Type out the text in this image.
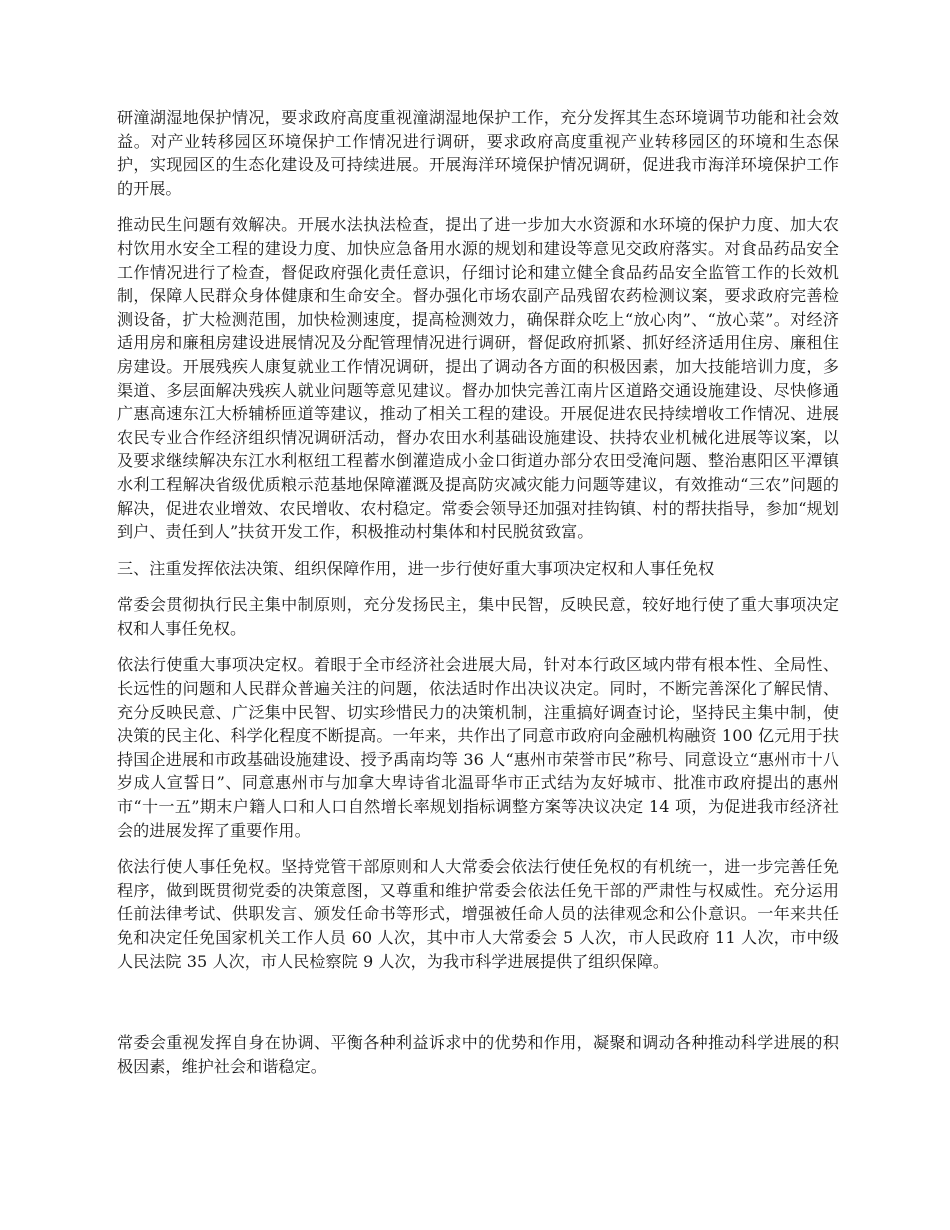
研潼湖湿地保护情况，要求政府高度重视潼湖湿地保护工作，充分发挥其生态环境调节功能和社会效益。对产业转移园区环境保护工作情况进行调研，要求政府高度重视产业转移园区的环境和生态保护，实现园区的生态化建设及可持续进展。开展海洋环境保护情况调研，促进我市海洋环境保护工作的开展。

推动民生问题有效解决。开展水法执法检查，提出了进一步加大水资源和水环境的保护力度、加大农村饮用水安全工程的建设力度、加快应急备用水源的规划和建设等意见交政府落实。对食品药品安全工作情况进行了检查，督促政府强化责任意识，仔细讨论和建立健全食品药品安全监管工作的长效机制，保障人民群众身体健康和生命安全。督办强化市场农副产品残留农药检测议案，要求政府完善检测设备，扩大检测范围，加快检测速度，提高检测效力，确保群众吃上“放心肉”、“放心菜”。对经济适用房和廉租房建设进展情况及分配管理情况进行调研，督促政府抓紧、抓好经济适用住房、廉租住房建设。开展残疾人康复就业工作情况调研，提出了调动各方面的积极因素，加大技能培训力度，多渠道、多层面解决残疾人就业问题等意见建议。督办加快完善江南片区道路交通设施建设、尽快修通广惠高速东江大桥辅桥匝道等建议，推动了相关工程的建设。开展促进农民持续增收工作情况、进展农民专业合作经济组织情况调研活动，督办农田水利基础设施建设、扶持农业机械化进展等议案，以及要求继续解决东江水利枢纽工程蓄水倒灌造成小金口街道办部分农田受淹问题、整治惠阳区平潭镇水利工程解决省级优质粮示范基地保障灌溉及提高防灾减灾能力问题等建议，有效推动“三农”问题的解决，促进农业增效、农民增收、农村稳定。常委会领导还加强对挂钩镇、村的帮扶指导，参加“规划到户、责任到人”扶贫开发工作，积极推动村集体和村民脱贫致富。

三、注重发挥依法决策、组织保障作用，进一步行使好重大事项决定权和人事任免权

常委会贯彻执行民主集中制原则，充分发扬民主，集中民智，反映民意，较好地行使了重大事项决定权和人事任免权。

依法行使重大事项决定权。着眼于全市经济社会进展大局，针对本行政区域内带有根本性、全局性、长远性的问题和人民群众普遍关注的问题，依法适时作出决议决定。同时，不断完善深化了解民情、充分反映民意、广泛集中民智、切实珍惜民力的决策机制，注重搞好调查讨论，坚持民主集中制，使决策的民主化、科学化程度不断提高。一年来，共作出了同意市政府向金融机构融资 100 亿元用于扶持国企进展和市政基础设施建设、授予禹南均等 36 人“惠州市荣誉市民”称号、同意设立“惠州市十八岁成人宣誓日”、同意惠州市与加拿大卑诗省北温哥华市正式结为友好城市、批准市政府提出的惠州市“十一五”期末户籍人口和人口自然增长率规划指标调整方案等决议决定 14 项，为促进我市经济社会的进展发挥了重要作用。

依法行使人事任免权。坚持党管干部原则和人大常委会依法行使任免权的有机统一，进一步完善任免程序，做到既贯彻党委的决策意图，又尊重和维护常委会依法任免干部的严肃性与权威性。充分运用任前法律考试、供职发言、颁发任命书等形式，增强被任命人员的法律观念和公仆意识。一年来共任免和决定任免国家机关工作人员 60 人次，其中市人大常委会 5 人次，市人民政府 11 人次，市中级人民法院 35 人次，市人民检察院 9 人次，为我市科学进展提供了组织保障。

常委会重视发挥自身在协调、平衡各种利益诉求中的优势和作用，凝聚和调动各种推动科学进展的积极因素，维护社会和谐稳定。
